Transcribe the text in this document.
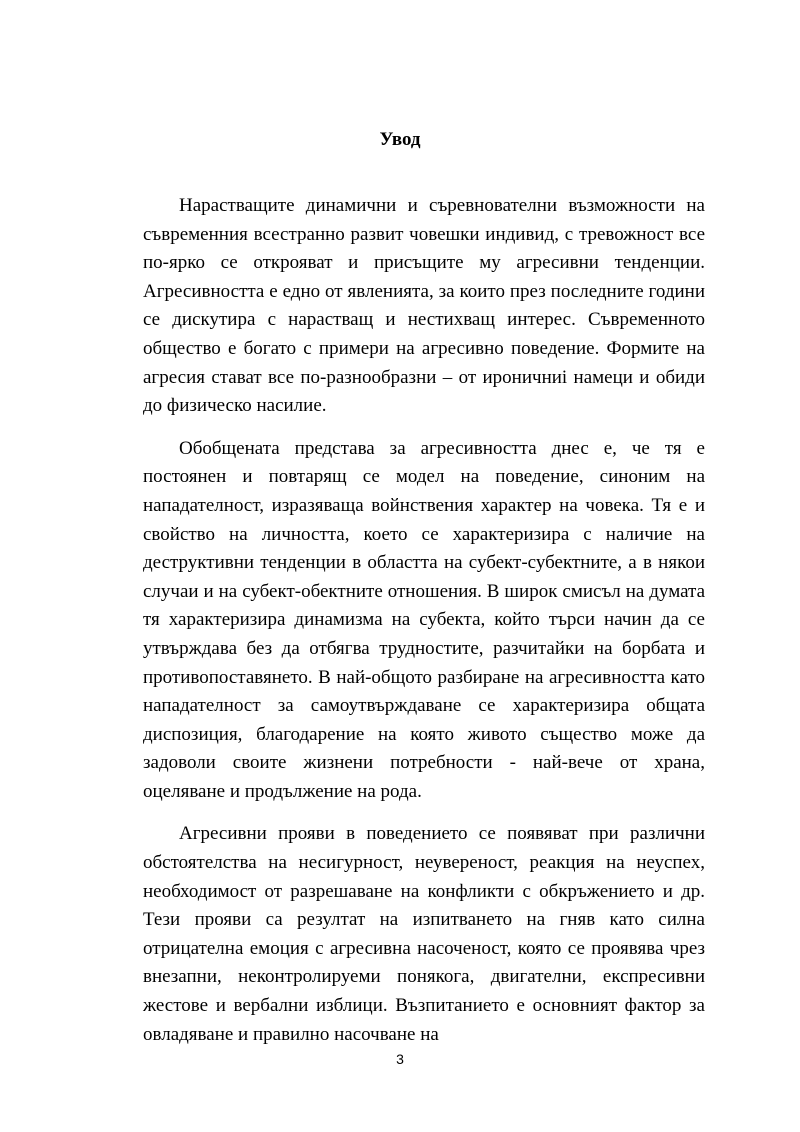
Увод

Нарастващите динамични и съревнователни възможности на съвременния всестранно развит човешки индивид, с тревожност все по-ярко се открояват и присъщите му агресивни тенденции. Агресивността е едно от явленията, за които през последните години се дискутира с нарастващ и нестихващ интерес. Съвременното общество е богато с примери на агресивно поведение. Формите на агресия стават все по-разнообразни – от ироничниi намеци и обиди до физическо насилие.

Обобщената представа за агресивността днес е, че тя е постоянен и повтарящ се модел на поведение, синоним на нападателност, изразяваща войнствения характер на човека. Тя е и свойство на личността, което се характеризира с наличие на деструктивни тенденции в областта на субект-субектните, а в някои случаи и на субект-обектните отношения. В широк смисъл на думата тя характеризира динамизма на субекта, който търси начин да се утвърждава без да отбягва трудностите, разчитайки на борбата и противопоставянето. В най-общото разбиране на агресивността като нападателност за самоутвърждаване се характеризира общата диспозиция, благодарение на която живото същество може да задоволи своите жизнени потребности - най-вече от храна, оцеляване и продължение на рода.

Агресивни прояви в поведението се появяват при различни обстоятелства на несигурност, неувереност, реакция на неуспех, необходимост от разрешаване на конфликти с обкръжението и др. Тези прояви са резултат на изпитването на гняв като силна отрицателна емоция с агресивна насоченост, която се проявява чрез внезапни, неконтролируеми понякога, двигателни, експресивни жестове и вербални изблици. Възпитанието е основният фактор за овладяване и правилно насочване на

3
